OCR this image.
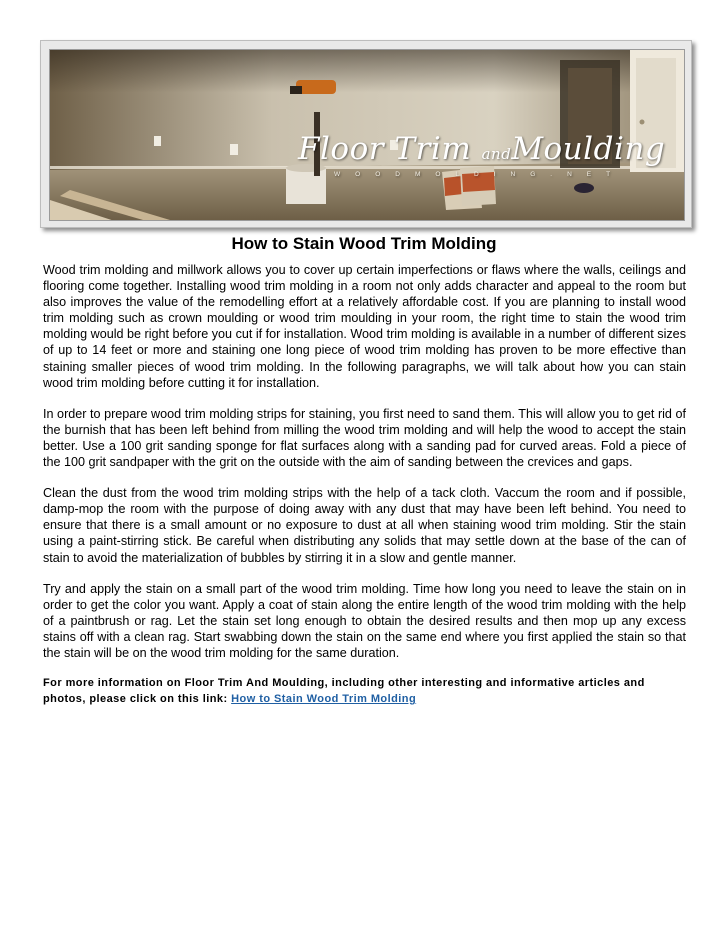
Floor Trim andMoulding
WOODMOLDING.NET
How to Stain Wood Trim Molding

Wood trim molding and millwork allows you to cover up certain imperfections or flaws where the walls, ceilings and flooring come together. Installing wood trim molding in a room not only adds character and appeal to the room but also improves the value of the remodelling effort at a relatively affordable cost. If you are planning to install wood trim molding such as crown moulding or wood trim moulding in your room, the right time to stain the wood trim molding would be right before you cut if for installation. Wood trim molding is available in a number of different sizes of up to 14 feet or more and staining one long piece of wood trim molding has proven to be more effective than staining smaller pieces of wood trim molding. In the following paragraphs, we will talk about how you can stain wood trim molding before cutting it for installation.

In order to prepare wood trim molding strips for staining, you first need to sand them. This will allow you to get rid of the burnish that has been left behind from milling the wood trim molding and will help the wood to accept the stain better. Use a 100 grit sanding sponge for flat surfaces along with a sanding pad for curved areas. Fold a piece of the 100 grit sandpaper with the grit on the outside with the aim of sanding between the crevices and gaps.

Clean the dust from the wood trim molding strips with the help of a tack cloth. Vaccum the room and if possible, damp-mop the room with the purpose of doing away with any dust that may have been left behind. You need to ensure that there is a small amount or no exposure to dust at all when staining wood trim molding. Stir the stain using a paint-stirring stick. Be careful when distributing any solids that may settle down at the base of the can of stain to avoid the materialization of bubbles by stirring it in a slow and gentle manner.

Try and apply the stain on a small part of the wood trim molding. Time how long you need to leave the stain on in order to get the color you want. Apply a coat of stain along the entire length of the wood trim molding with the help of a paintbrush or rag. Let the stain set long enough to obtain the desired results and then mop up any excess stains off with a clean rag. Start swabbing down the stain on the same end where you first applied the stain so that the stain will be on the wood trim molding for the same duration.

For more information on Floor Trim And Moulding, including other interesting and informative articles and photos, please click on this link: How to Stain Wood Trim Molding
